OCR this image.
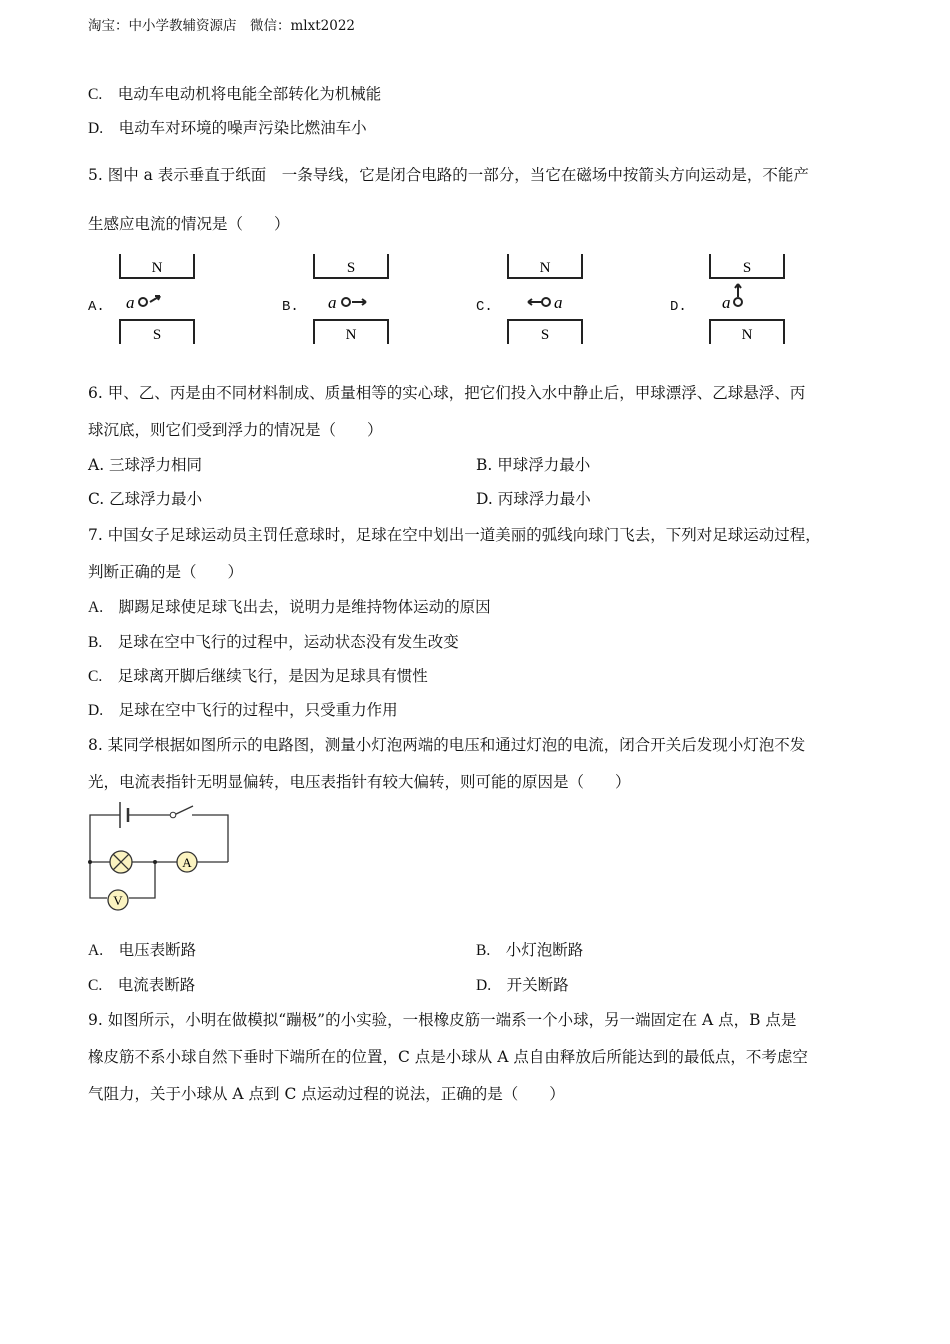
淘宝：中小学教辅资源店　微信：mlxt2022
C.　电动车电动机将电能全部转化为机械能
D.　电动车对环境的噪声污染比燃油车小
5. 图中 a 表示垂直于纸面　一条导线，它是闭合电路的一部分，当它在磁场中按箭头方向运动是，不能产
生感应电流的情况是（　　）
A.
N
S
a	B.
S
N
a	C.
N
S
a	D.
S
N
a
6. 甲、乙、丙是由不同材料制成、质量相等的实心球，把它们投入水中静止后，甲球漂浮、乙球悬浮、丙
球沉底，则它们受到浮力的情况是（　　）
A. 三球浮力相同	B. 甲球浮力最小
C. 乙球浮力最小	D. 丙球浮力最小
7. 中国女子足球运动员主罚任意球时，足球在空中划出一道美丽的弧线向球门飞去，下列对足球运动过程，
判断正确的是（　　）
A.　脚踢足球使足球飞出去，说明力是维持物体运动的原因
B.　足球在空中飞行的过程中，运动状态没有发生改变
C.　足球离开脚后继续飞行，是因为足球具有惯性
D.　足球在空中飞行的过程中，只受重力作用
8. 某同学根据如图所示的电路图，测量小灯泡两端的电压和通过灯泡的电流，闭合开关后发现小灯泡不发
光，电流表指针无明显偏转，电压表指针有较大偏转，则可能的原因是（　　）
A
V
A.　电压表断路	B.　小灯泡断路
C.　电流表断路	D.　开关断路
9. 如图所示，小明在做模拟“蹦极”的小实验，一根橡皮筋一端系一个小球，另一端固定在 A 点，B 点是
橡皮筋不系小球自然下垂时下端所在的位置，C 点是小球从 A 点自由释放后所能达到的最低点，不考虑空
气阻力，关于小球从 A 点到 C 点运动过程的说法，正确的是（　　）
